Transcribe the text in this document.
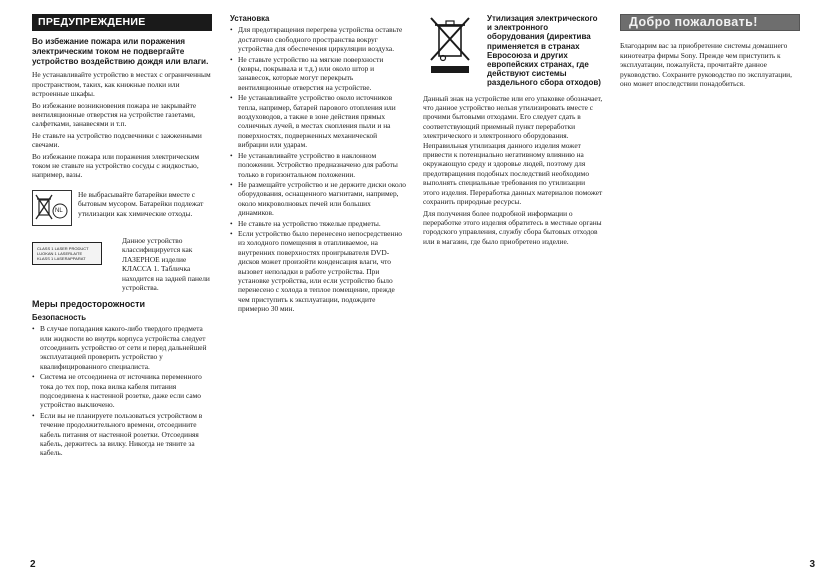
ПРЕДУПРЕЖДЕНИЕ

Во избежание пожара или поражения электрическим током не подвергайте устройство воздействию дождя или влаги.

Не устанавливайте устройство в местах с ограниченным пространством, таких, как книжные полки или встроенные шкафы.

Во избежание возникновения пожара не закрывайте вентиляционные отверстия на устройстве газетами, салфетками, занавесями и т.п.

Не ставьте на устройство подсвечники с зажженными свечами.

Во избежание пожара или поражения электрическим током не ставьте на устройство сосуды с жидкостью, например, вазы.

NL

Не выбрасывайте батарейки вместе с бытовым мусором. Батарейки подлежат утилизации как химические отходы.

CLASS 1 LASER PRODUCT
LUOKAN 1 LASERLAITE
KLASS 1 LASERAPPARAT

Данное устройство классифицируется как ЛАЗЕРНОЕ изделие КЛАССА 1. Табличка находится на задней панели устройства.

Меры предосторожности
Безопасность
• В случае попадания какого-либо твердого предмета или жидкости во внутрь корпуса устройства следует отсоединить устройство от сети и перед дальнейшей эксплуатацией проверить устройство у квалифицированного специалиста.
• Система не отсоединена от источника переменного тока до тех пор, пока вилка кабеля питания подсоединена к настенной розетке, даже если само устройство выключено.
• Если вы не планируете пользоваться устройством в течение продолжительного времени, отсоедините кабель питания от настенной розетки. Отсоединяя кабель, держитесь за вилку. Никогда не тяните за кабель.
2
Установка
• Для предотвращения перегрева устройства оставьте достаточно свободного пространства вокруг устройства для обеспечения циркуляции воздуха.
• Не ставьте устройство на мягкие поверхности (ковры, покрывала и т.д.) или около штор и занавесок, которые могут перекрыть вентиляционные отверстия на устройстве.
• Не устанавливайте устройство около источников тепла, например, батарей парового отопления или воздуховодов, а также в зоне действия прямых солнечных лучей, в местах скопления пыли и на поверхностях, подверженных механической вибрации или ударам.
• Не устанавливайте устройство в наклонном положении. Устройство предназначено для работы только в горизонтальном положении.
• Не размещайте устройство и не держите диски около оборудования, оснащенного магнитами, например, около микроволновых печей или больших динамиков.
• Не ставьте на устройство тяжелые предметы.
• Если устройство было перенесено непосредственно из холодного помещения в отапливаемое, на внутренних поверхностях проигрывателя DVD-дисков может произойти конденсация влаги, что вызовет неполадки в работе устройства. При установке устройства, или если устройство было перенесено с холода в теплое помещение, прежде чем приступить к эксплуатации, подождите примерно 30 мин.
Утилизация электрического и электронного оборудования (директива применяется в странах Евросоюза и других европейских странах, где действуют системы раздельного сбора отходов)

Данный знак на устройстве или его упаковке обозначает, что данное устройство нельзя утилизировать вместе с прочими бытовыми отходами. Его следует сдать в соответствующий приемный пункт переработки электрического и электронного оборудования. Неправильная утилизация данного изделия может привести к потенциально негативному влиянию на окружающую среду и здоровье людей, поэтому для предотвращения подобных последствий необходимо выполнять специальные требования по утилизации этого изделия. Переработка данных материалов поможет сохранить природные ресурсы.

Для получения более подробной информации о переработке этого изделия обратитесь в местные органы городского управления, службу сбора бытовых отходов или в магазин, где было приобретено изделие.

Добро пожаловать!

Благодарим вас за приобретение системы домашнего кинотеатра фирмы Sony. Прежде чем приступить к эксплуатации, пожалуйста, прочитайте данное руководство. Сохраните руководство по эксплуатации, оно может впоследствии понадобиться.

3
